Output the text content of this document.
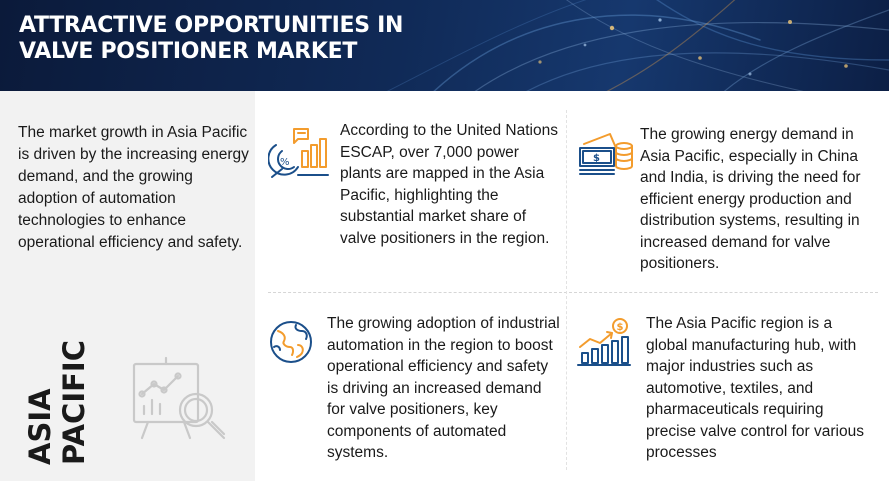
ATTRACTIVE OPPORTUNITIES IN VALVE POSITIONER MARKET
The market growth in Asia Pacific is driven by the increasing energy demand, and the growing adoption of automation technologies to enhance operational efficiency and safety.
ASIA PACIFIC
%
According to the United Nations ESCAP, over 7,000 power plants are mapped in the Asia Pacific, highlighting the substantial market share of valve positioners in the region.
$
The growing energy demand in Asia Pacific, especially in China and India, is driving the need for efficient energy production and distribution systems, resulting in increased demand for valve positioners.
The growing adoption of industrial automation in the region to boost operational efficiency and safety is driving an increased demand for valve positioners, key components of automated systems.
$ The Asia Pacific region is a global manufacturing hub, with major industries such as automotive, textiles, and pharmaceuticals requiring precise valve control for various processes
